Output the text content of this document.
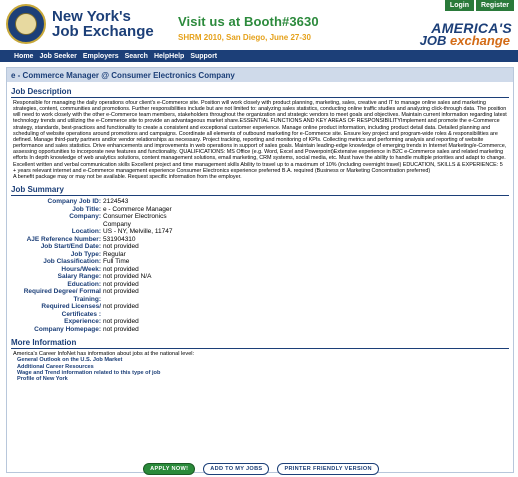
New York's
Job Exchange
Visit us at Booth#3630
SHRM 2010, San Diego, June 27-30
Login	Register
AMERICA'S
JOB exchange
Home Job Seeker Employers Search HelpHelp Support
e - Commerce Manager @ Consumer Electronics Company
Job Description
Responsible for managing the daily operations ofour client's e-Commerce site. Position will work closely with product planning, marketing, sales, creative and IT to manage online sales and marketing strategies, content, communities and promotions. Further responsibilities include but are not limited to: analyzing sales statistics, conducting online traffic studies and analyzing click-through data. The position will need to work closely with the other e-Commerce team members, stakeholders throughout the organization and strategic vendors to meet goals and objectives. Maintain current information regarding latest technology trends and utilizing the e-Commerce site to provide an advantageous market share.ESSENTIAL FUNCTIONS AND KEY AREAS OF RESPONSIBILITYImplement and promote the e-Commerce strategy, standards, best-practices and functionality to create a consistent and exceptional customer experience. Manage online product information, including product detail data. Detailed planning and scheduling of website operations around promotions and campaigns. Coordinate all elements of outbound marketing for e-Commerce site. Ensure key project and program-wide roles & responsibilities are defined. Manage third-party partners and/or vendor relationships as necessary. Project tracking, reporting and monitoring of KPIs. Collecting metrics and performing analysis and reporting of website performance and sales statistics. Drive enhancements and improvements in web operations in support of sales goals. Maintain leading-edge knowledge of emerging trends in Internet Marketing/e-Commerce, assessing opportunities to incorporate new features and functionality. QUALIFICATIONS: MS Office (e.g. Word, Excel and Powerpoint)Extensive experience in B2C e-Commerce sales and related marketing efforts In depth knowledge of web analytics solutions, content management solutions, email marketing, CRM systems, social media, etc. Must have the ability to handle multiple priorities and adapt to change. Excellent written and verbal communication skills Excellent project and time management skills Ability to travel up to a maximum of 10% (including overnight travel) EDUCATION, SKILLS & EXPERIENCE: 5 + years relevant internet and e-Commerce management experience Consumer Electronics experience preferred B.A. required (Business or Marketing Concentration preferred)
A benefit package may or may not be available. Request specific information from the employer.
Job Summary
Company Job ID: 2124543
Job Title: e - Commerce Manager
Company: Consumer Electronics Company
Location: US - NY, Melville, 11747
AJE Reference Number: 531904310
Job Start/End Date: not provided
Job Type: Regular
Job Classification: Full Time
Hours/Week: not provided
Salary Range: not provided N/A
Education: not provided
Required Degree/ Formal Training:
not provided
Required Licenses/ Certificates :
not provided
Experience: not provided
Company Homepage: not provided
More Information
America's Career InfoNet has information about jobs at the national level:
General Outlook on the U.S. Job Market
Additional Career Resources
Wage and Trend information related to this type of job
Profile of New York
APPLY NOW!	ADD TO MY JOBS	PRINTER FRIENDLY VERSION
